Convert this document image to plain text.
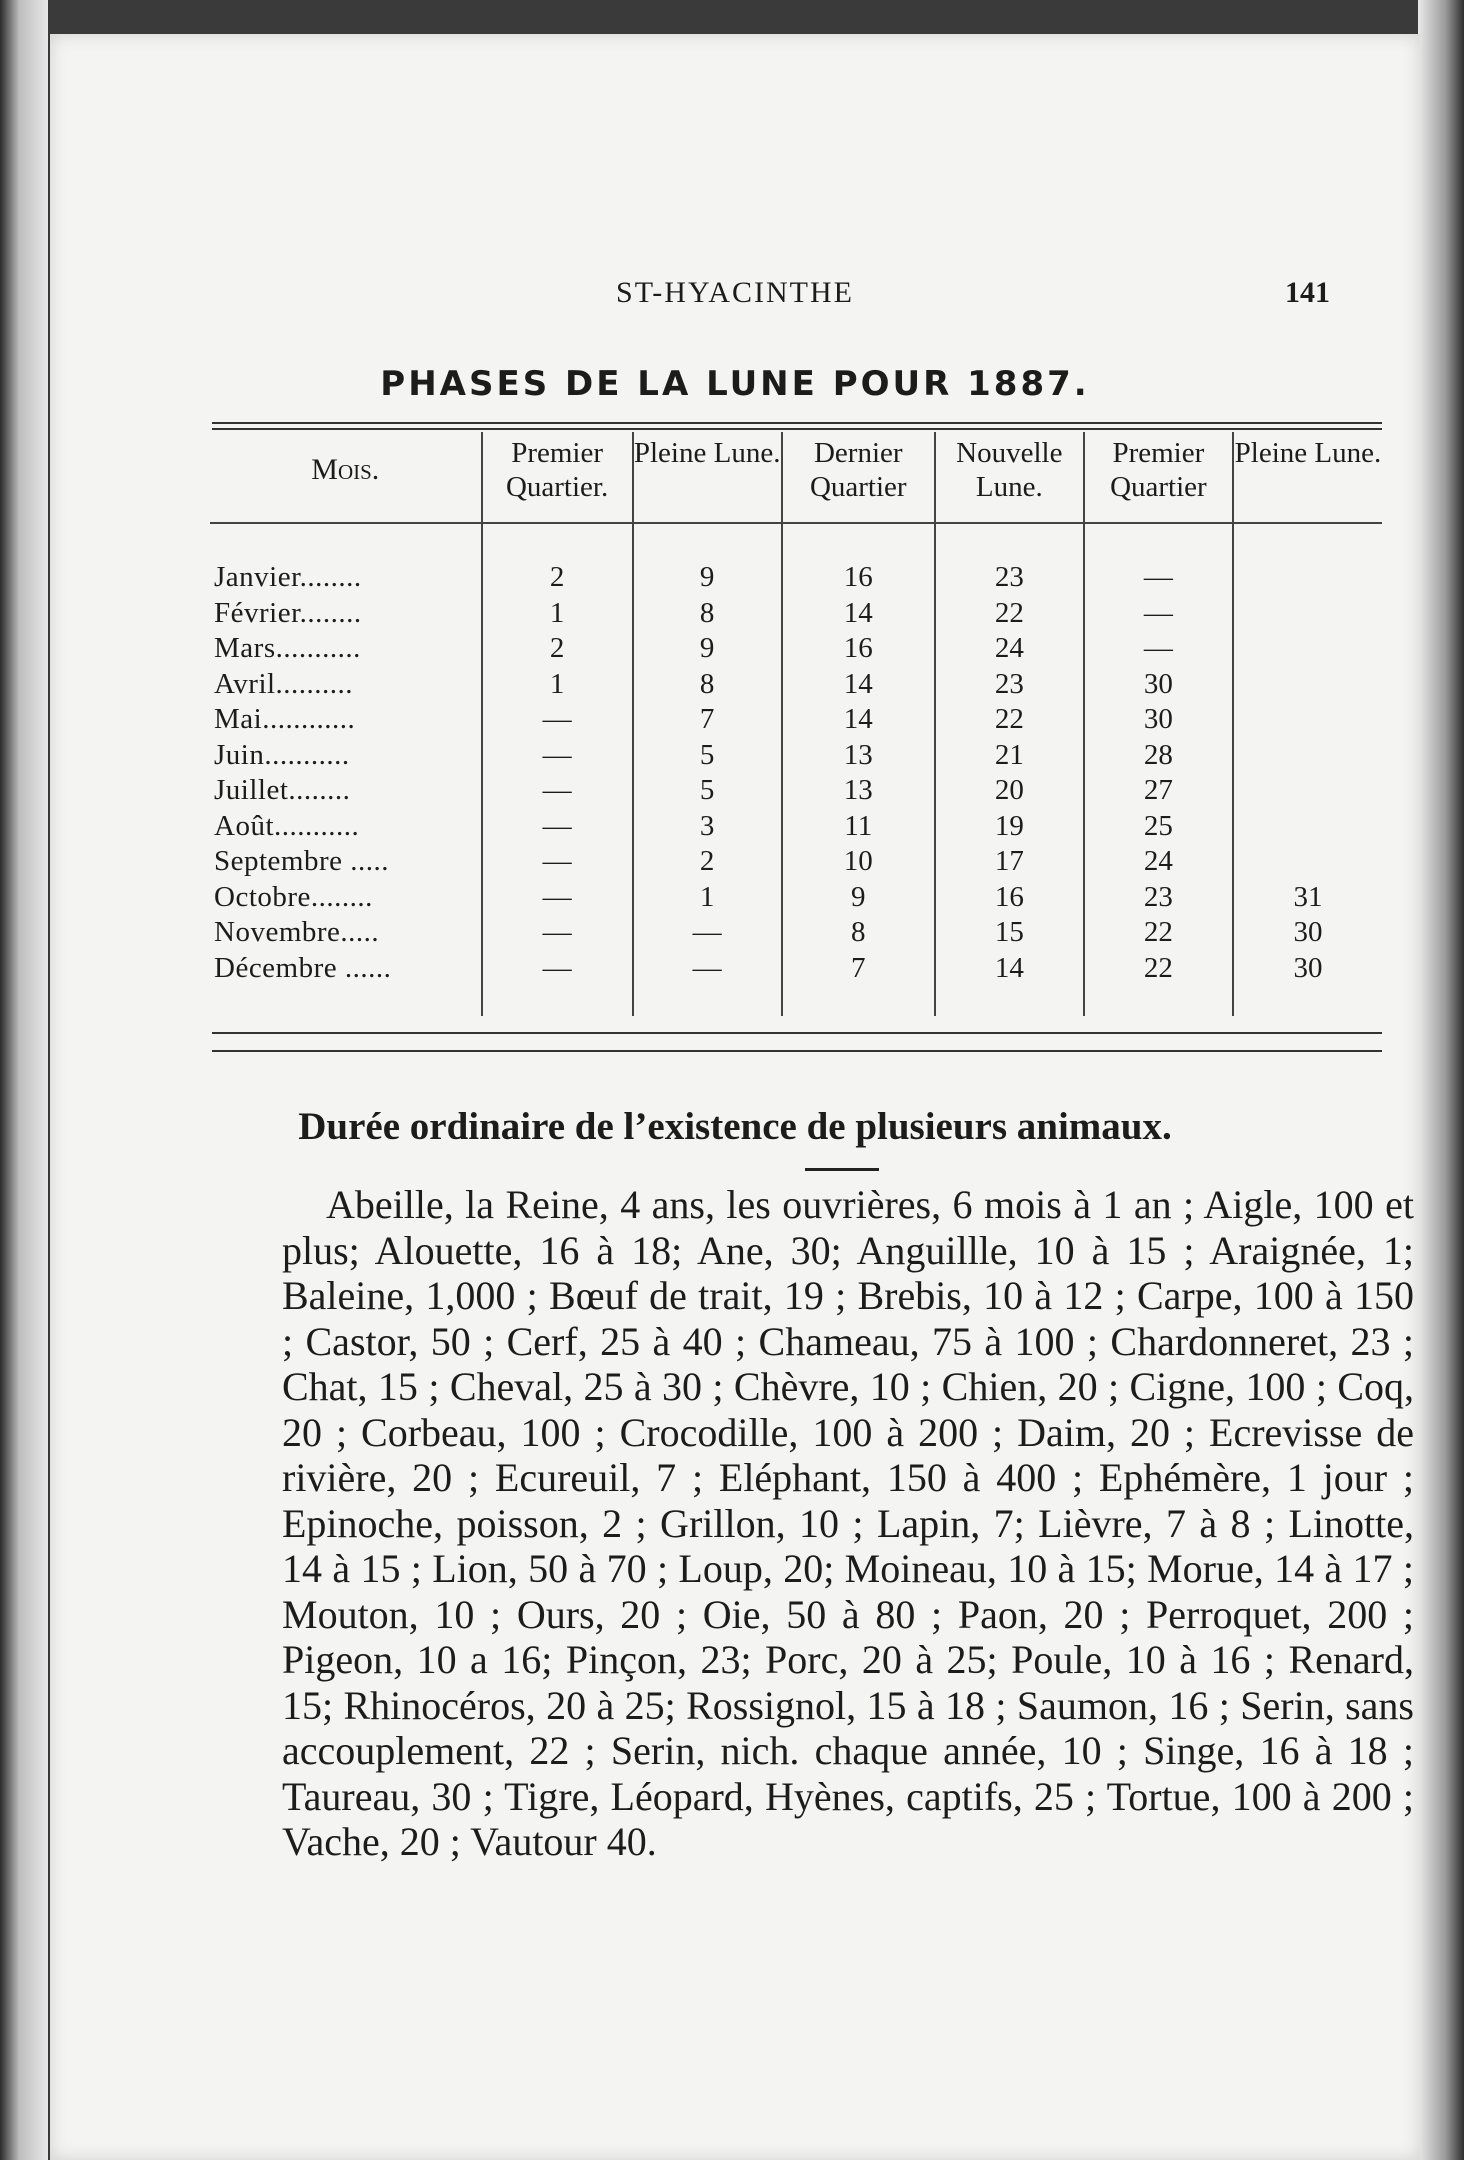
ST-HYACINTHE	141
PHASES DE LA LUNE POUR 1887.
Mois.	Premier Quartier.	Pleine Lune.	Dernier Quartier	Nouvelle Lune.	Premier Quartier	Pleine Lune.
Janvier........	2	9	16	23	—	
Février........	1	8	14	22	—	
Mars...........	2	9	16	24	—	
Avril..........	1	8	14	23	30	
Mai............	—	7	14	22	30	
Juin...........	—	5	13	21	28	
Juillet........	—	5	13	20	27	
Août...........	—	3	11	19	25	
Septembre .....	—	2	10	17	24	
Octobre........	—	1	9	16	23	31
Novembre.....	—	—	8	15	22	30
Décembre ......	—	—	7	14	22	30
Durée ordinaire de l’existence de plusieurs animaux.
Abeille, la Reine, 4 ans, les ouvrières, 6 mois à 1 an ; Aigle, 100 et plus; Alouette, 16 à 18; Ane, 30; Anguillle, 10 à 15 ; Araignée, 1; Baleine, 1,000 ; Bœuf de trait, 19 ; Brebis, 10 à 12 ; Carpe, 100 à 150 ; Castor, 50 ; Cerf, 25 à 40 ; Chameau, 75 à 100 ; Chardonneret, 23 ; Chat, 15 ; Cheval, 25 à 30 ; Chèvre, 10 ; Chien, 20 ; Cigne, 100 ; Coq, 20 ; Corbeau, 100 ; Crocodille, 100 à 200 ; Daim, 20 ; Ecrevisse de rivière, 20 ; Ecureuil, 7 ; Eléphant, 150 à 400 ; Ephémère, 1 jour ; Epinoche, poisson, 2 ; Grillon, 10 ; Lapin, 7; Lièvre, 7 à 8 ; Linotte, 14 à 15 ; Lion, 50 à 70 ; Loup, 20; Moineau, 10 à 15; Morue, 14 à 17 ; Mouton, 10 ; Ours, 20 ; Oie, 50 à 80 ; Paon, 20 ; Perroquet, 200 ; Pigeon, 10 a 16; Pinçon, 23; Porc, 20 à 25; Poule, 10 à 16 ; Renard, 15; Rhinocéros, 20 à 25; Rossignol, 15 à 18 ; Saumon, 16 ; Serin, sans accouplement, 22 ; Serin, nich. chaque année, 10 ; Singe, 16 à 18 ; Taureau, 30 ; Tigre, Léopard, Hyènes, captifs, 25 ; Tortue, 100 à 200 ; Vache, 20 ; Vautour 40.
